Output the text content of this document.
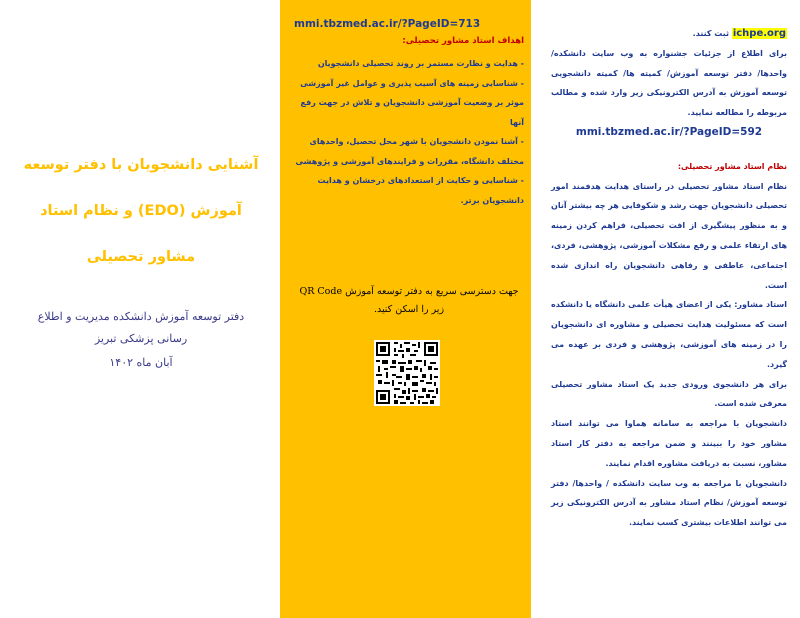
آشنایی دانشجویان با دفتر توسعه آموزش (EDO) و نظام استاد مشاور تحصیلی
دفتر توسعه آموزش دانشکده مدیریت و اطلاع رسانی پزشکی تبریز
آبان ماه ۱۴۰۲
mmi.tbzmed.ac.ir/?PageID=713
اهداف استاد مشاور تحصیلی:
- هدایت و نظارت مستمر بر روند تحصیلی دانشجویان
- شناسایی زمینه های آسیب پذیری و عوامل غیر آموزشی موثر بر وضعیت آموزشی دانشجویان و تلاش در جهت رفع آنها
- آشنا نمودن دانشجویان با شهر محل تحصیل، واحدهای مختلف دانشگاه، مقررات و فرایندهای آموزشی و پژوهشی
- شناسایی و حکایت از استعدادهای درخشان و هدایت دانشجویان برتر.
جهت دسترسی سریع به دفتر توسعه آموزش QR Code زیر را اسکن کنید.

ichpe.org ثبت کنند.

برای اطلاع از جزئیات جشنواره به وب سایت دانشکده/ واحدها/ دفتر توسعه آموزش/ کمیته ها/ کمیته دانشجویی توسعه آموزش به آدرس الکترونیکی زیر وارد شده و مطالب مربوطه را مطالعه نمایید.

mmi.tbzmed.ac.ir/?PageID=592

نظام استاد مشاور تحصیلی:

نظام استاد مشاور تحصیلی در راستای هدایت هدفمند امور تحصیلی دانشجویان جهت رشد و شکوفایی هر چه بیشتر آنان و به منظور پیشگیری از افت تحصیلی، فراهم کردن زمینه های ارتقاء علمی و رفع مشکلات آموزشی، پژوهشی، فردی، اجتماعی، عاطفی و رفاهی دانشجویان راه اندازی شده است.

استاد مشاور: یکی از اعضای هیأت علمی دانشگاه یا دانشکده است که مسئولیت هدایت تحصیلی و مشاوره ای دانشجویان را در زمینه های آموزشی، پژوهشی و فردی بر عهده می گیرد.

برای هر دانشجوی ورودی جدید یک استاد مشاور تحصیلی معرفی شده است.

دانشجویان با مراجعه به سامانه هماوا می توانند استاد مشاور خود را ببینند و ضمن مراجعه به دفتر کار استاد مشاور، نسبت به دریافت مشاوره اقدام نمایند.

دانشجویان با مراجعه به وب سایت دانشکده / واحدها/ دفتر توسعه آموزش/ نظام استاد مشاور به آدرس الکترونیکی زیر می توانند اطلاعات بیشتری کسب نمایند.
